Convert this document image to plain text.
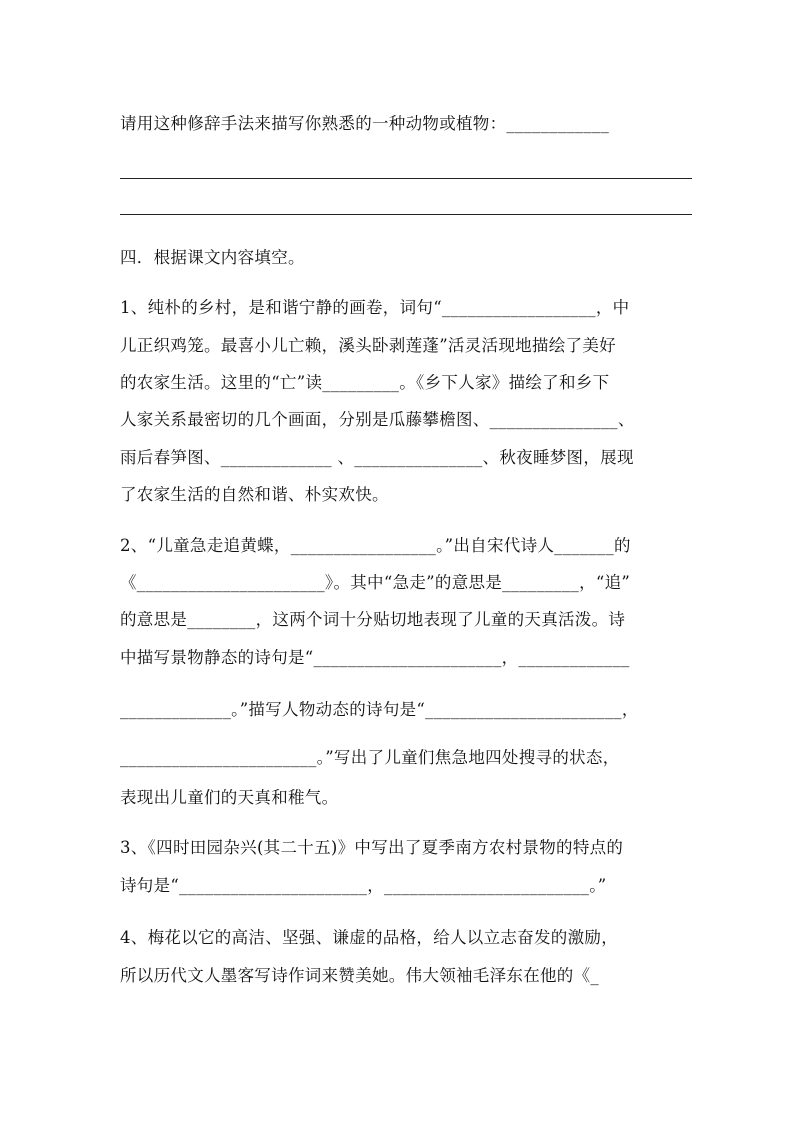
请用这种修辞手法来描写你熟悉的一种动物或植物：____________
四．根据课文内容填空。
1、纯朴的乡村，是和谐宁静的画卷，词句“__________________，中
儿正织鸡笼。最喜小儿亡赖，溪头卧剥莲蓬”活灵活现地描绘了美好
的农家生活。这里的“亡”读_________。《乡下人家》描绘了和乡下
人家关系最密切的几个画面，分别是瓜藤攀檐图、_______________、
雨后春笋图、_____________ 、_______________、秋夜睡梦图，展现
了农家生活的自然和谐、朴实欢快。
2、“儿童急走追黄蝶，_________________。”出自宋代诗人_______的
《______________________》。其中“急走”的意思是_________，“追”
的意思是________，这两个词十分贴切地表现了儿童的天真活泼。诗
中描写景物静态的诗句是“______________________，_____________
_____________。”描写人物动态的诗句是“_______________________，
_______________________。”写出了儿童们焦急地四处搜寻的状态，
表现出儿童们的天真和稚气。
3、《四时田园杂兴(其二十五)》中写出了夏季南方农村景物的特点的
诗句是“______________________，________________________。”
4、梅花以它的高洁、坚强、谦虚的品格，给人以立志奋发的激励，
所以历代文人墨客写诗作词来赞美她。伟大领袖毛泽东在他的《_
